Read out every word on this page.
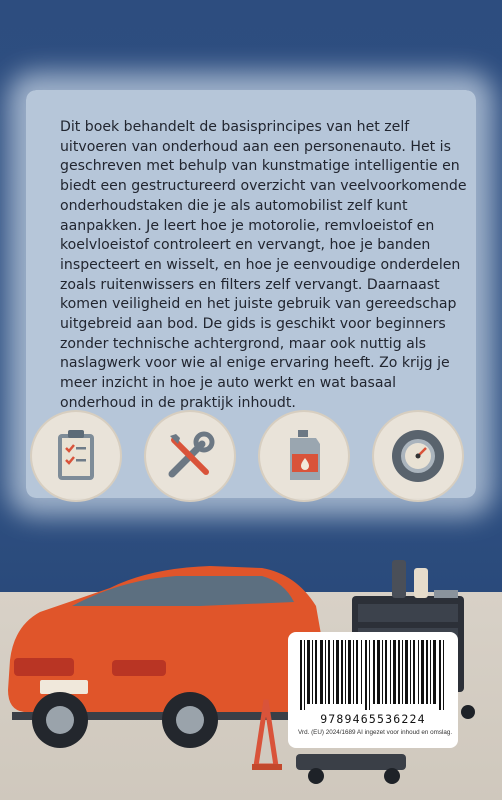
Dit boek behandelt de basisprincipes van het zelf uitvoeren van onderhoud aan een personenauto. Het is geschreven met behulp van kunstmatige intelligentie en biedt een gestructureerd overzicht van veelvoorkomende onderhoudstaken die je als automobilist zelf kunt aanpakken. Je leert hoe je motorolie, remvloeistof en koelvloeistof controleert en vervangt, hoe je banden inspecteert en wisselt, en hoe je eenvoudige onderdelen zoals ruitenwissers en filters zelf vervangt. Daarnaast komen veiligheid en het juiste gebruik van gereedschap uitgebreid aan bod. De gids is geschikt voor beginners zonder technische achtergrond, maar ook nuttig als naslagwerk voor wie al enige ervaring heeft. Zo krijg je meer inzicht in hoe je auto werkt en wat basaal onderhoud in de praktijk inhoudt.

9789465536224
Vrd. (EU) 2024/1689 AI ingezet voor inhoud en omslag.
